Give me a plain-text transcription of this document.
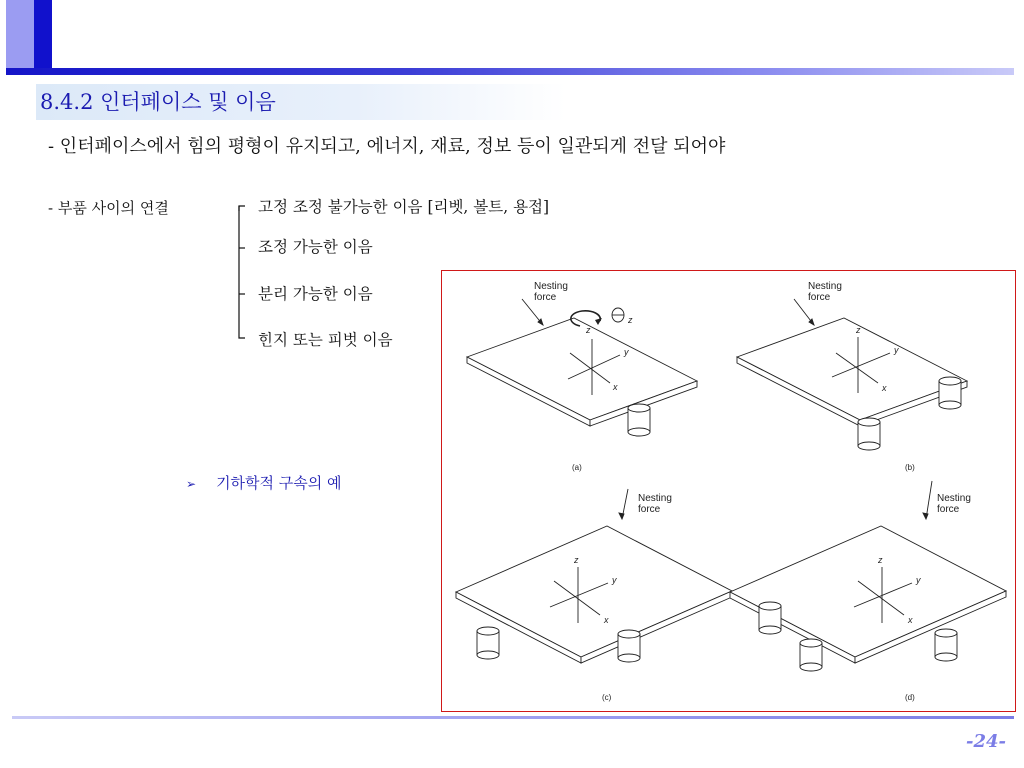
8.4.2 인터페이스 및 이음
- 인터페이스에서 힘의 평형이 유지되고, 에너지, 재료, 정보 등이 일관되게 전달 되어야
- 부품 사이의 연결	고정 조정 불가능한 이음 [리벳, 볼트, 용접]
조정 가능한 이음
분리 가능한 이음
힌지 또는 피벗 이음
➢ 기하학적 구속의 예
Nesting
force
Nesting
force
Nesting
force
Nesting
force
z
y
x
z
z
y
x
z
y
x
z
y
x
(a)	(b)
(c)	(d)
-24-
